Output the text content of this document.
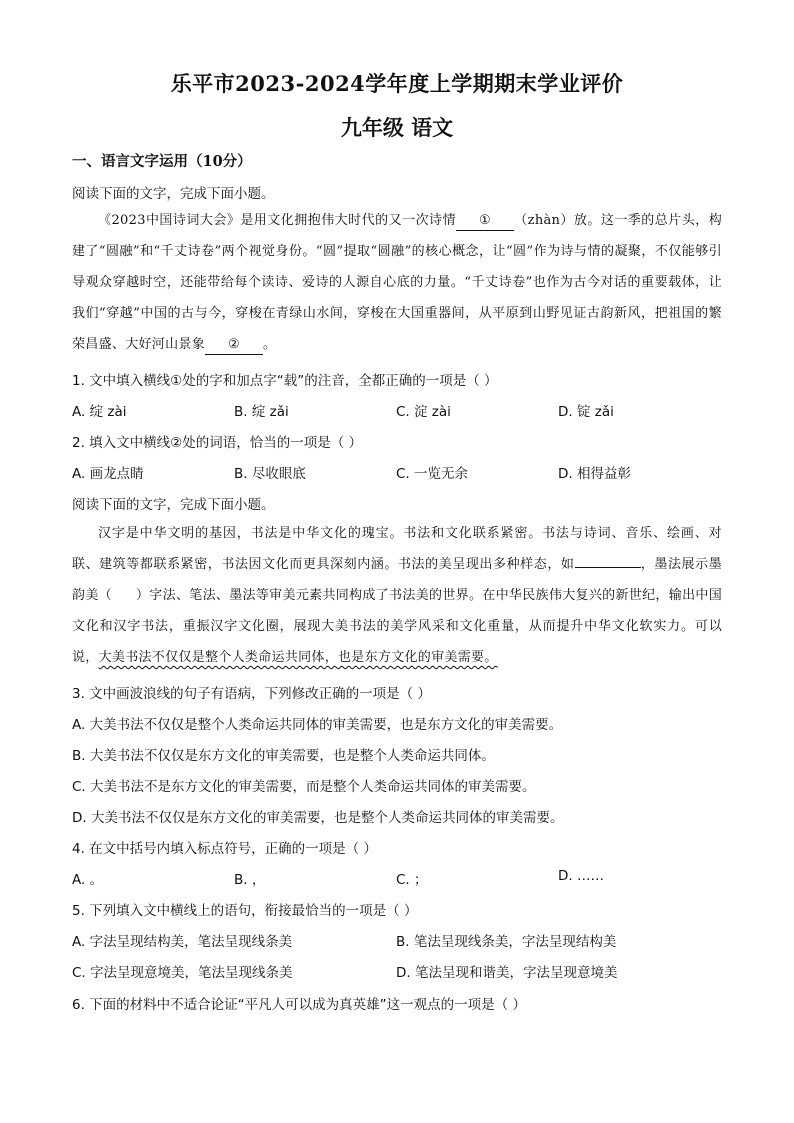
乐平市2023-2024学年度上学期期末学业评价
九年级 语文
一、语言文字运用（10分）
阅读下面的文字，完成下面小题。

《2023中国诗词大会》是用文化拥抱伟大时代的又一次诗情 ① （zhàn）放。这一季的总片头，构建了“圆融”和“千丈诗卷”两个视觉身份。“圆”提取“圆融”的核心概念，让“圆”作为诗与情的凝聚，不仅能够引导观众穿越时空，还能带给每个读诗、爱诗的人源自心底的力量。“千丈诗卷”也作为古今对话的重要载体，让我们“穿越”中国的古与今，穿梭在青绿山水间，穿梭在大国重器间，从平原到山野见证古韵新风，把祖国的繁荣昌盛、大好河山景象 ② 。

1. 文中填入横线①处的字和加点字“载”的注音，全都正确的一项是（ ）
A. 绽 zài	B. 绽 zǎi	C. 淀 zài	D. 锭 zǎi
2. 填入文中横线②处的词语，恰当的一项是（ ）
A. 画龙点睛	B. 尽收眼底	C. 一览无余	D. 相得益彰
阅读下面的文字，完成下面小题。

汉字是中华文明的基因，书法是中华文化的瑰宝。书法和文化联系紧密。书法与诗词、音乐、绘画、对联、建筑等都联系紧密，书法因文化而更具深刻内涵。书法的美呈现出多种样态，如	，墨法展示墨韵美（ ）字法、笔法、墨法等审美元素共同构成了书法美的世界。在中华民族伟大复兴的新世纪，输出中国文化和汉字书法，重振汉字文化圈，展现大美书法的美学风采和文化重量，从而提升中华文化软实力。可以说，大美书法不仅仅是整个人类命运共同体，也是东方文化的审美需要。

3. 文中画波浪线的句子有语病，下列修改正确的一项是（ ）
A. 大美书法不仅仅是整个人类命运共同体的审美需要，也是东方文化的审美需要。
B. 大美书法不仅仅是东方文化的审美需要，也是整个人类命运共同体。
C. 大美书法不是东方文化的审美需要，而是整个人类命运共同体的审美需要。
D. 大美书法不仅仅是东方文化的审美需要，也是整个人类命运共同体的审美需要。
4. 在文中括号内填入标点符号，正确的一项是（ ）
A. 。	B. ，	C. ；	D. ……
5. 下列填入文中横线上的语句，衔接最恰当的一项是（ ）
A. 字法呈现结构美，笔法呈现线条美	B. 笔法呈现线条美，字法呈现结构美
C. 字法呈现意境美，笔法呈现线条美	D. 笔法呈现和谐美，字法呈现意境美
6. 下面的材料中不适合论证“平凡人可以成为真英雄”这一观点的一项是（ ）
